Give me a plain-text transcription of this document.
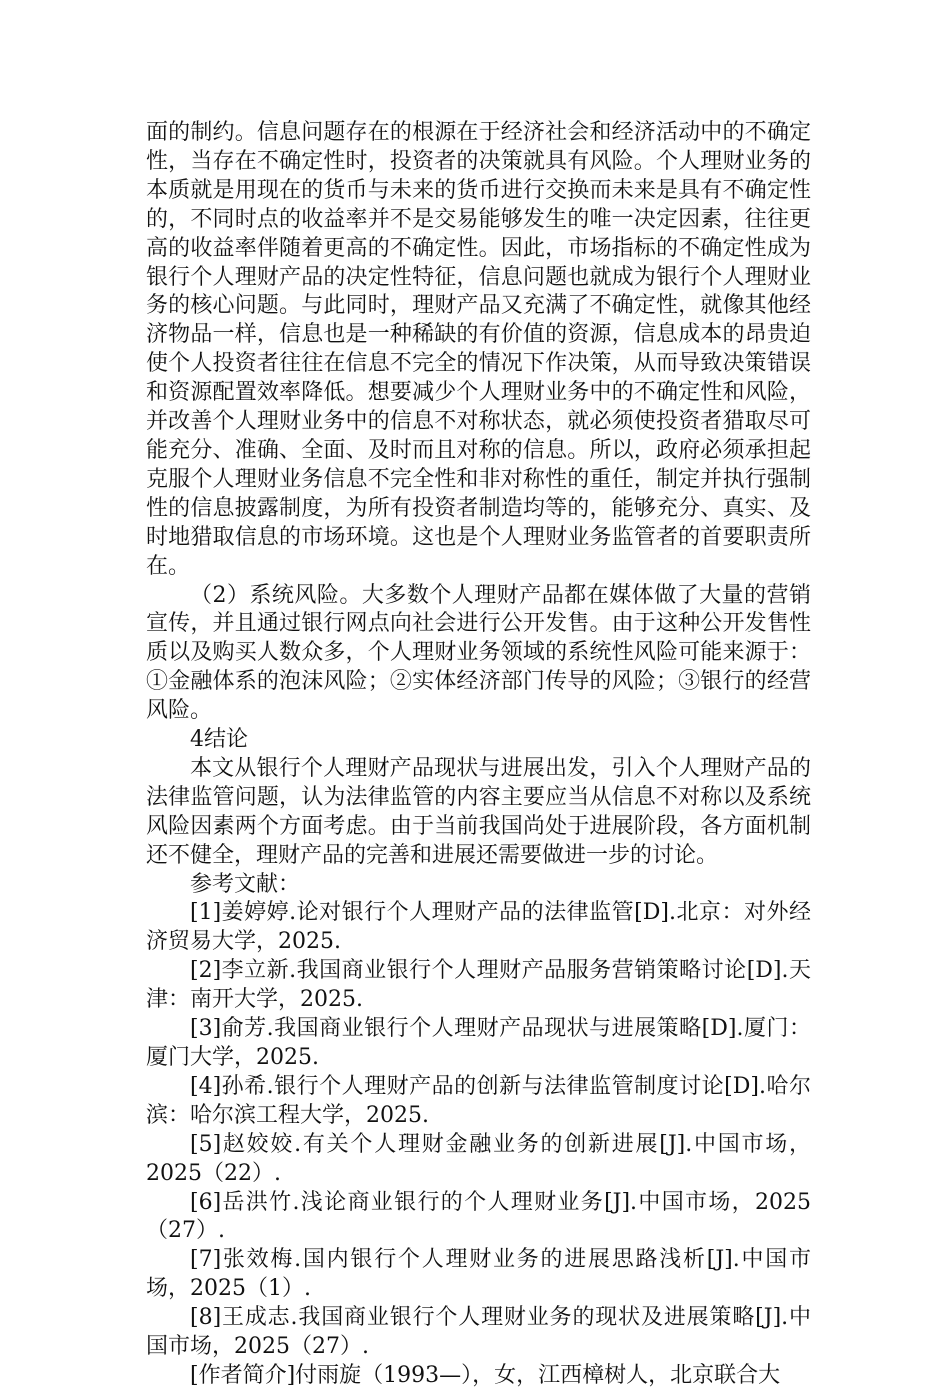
面的制约。信息问题存在的根源在于经济社会和经济活动中的不确定性，当存在不确定性时，投资者的决策就具有风险。个人理财业务的本质就是用现在的货币与未来的货币进行交换而未来是具有不确定性的，不同时点的收益率并不是交易能够发生的唯一决定因素，往往更高的收益率伴随着更高的不确定性。因此，市场指标的不确定性成为银行个人理财产品的决定性特征，信息问题也就成为银行个人理财业务的核心问题。与此同时，理财产品又充满了不确定性，就像其他经济物品一样，信息也是一种稀缺的有价值的资源，信息成本的昂贵迫使个人投资者往往在信息不完全的情况下作决策，从而导致决策错误和资源配置效率降低。想要减少个人理财业务中的不确定性和风险，并改善个人理财业务中的信息不对称状态，就必须使投资者猎取尽可能充分、准确、全面、及时而且对称的信息。所以，政府必须承担起克服个人理财业务信息不完全性和非对称性的重任，制定并执行强制性的信息披露制度，为所有投资者制造均等的，能够充分、真实、及时地猎取信息的市场环境。这也是个人理财业务监管者的首要职责所在。

（2）系统风险。大多数个人理财产品都在媒体做了大量的营销宣传，并且通过银行网点向社会进行公开发售。由于这种公开发售性质以及购买人数众多，个人理财业务领域的系统性风险可能来源于：①金融体系的泡沫风险；②实体经济部门传导的风险；③银行的经营风险。

4结论

本文从银行个人理财产品现状与进展出发，引入个人理财产品的法律监管问题，认为法律监管的内容主要应当从信息不对称以及系统风险因素两个方面考虑。由于当前我国尚处于进展阶段，各方面机制还不健全，理财产品的完善和进展还需要做进一步的讨论。

参考文献：

[1]姜婷婷.论对银行个人理财产品的法律监管[D].北京：对外经济贸易大学，2025.

[2]李立新.我国商业银行个人理财产品服务营销策略讨论[D].天津：南开大学，2025.

[3]俞芳.我国商业银行个人理财产品现状与进展策略[D].厦门：厦门大学，2025.

[4]孙希.银行个人理财产品的创新与法律监管制度讨论[D].哈尔滨：哈尔滨工程大学，2025.

[5]赵姣姣.有关个人理财金融业务的创新进展[J].中国市场，2025（22）.

[6]岳洪竹.浅论商业银行的个人理财业务[J].中国市场，2025（27）.

[7]张效梅.国内银行个人理财业务的进展思路浅析[J].中国市场，2025（1）.

[8]王成志.我国商业银行个人理财业务的现状及进展策略[J].中国市场，2025（27）.

[作者简介]付雨旋（1993—），女，江西樟树人，北京联合大
